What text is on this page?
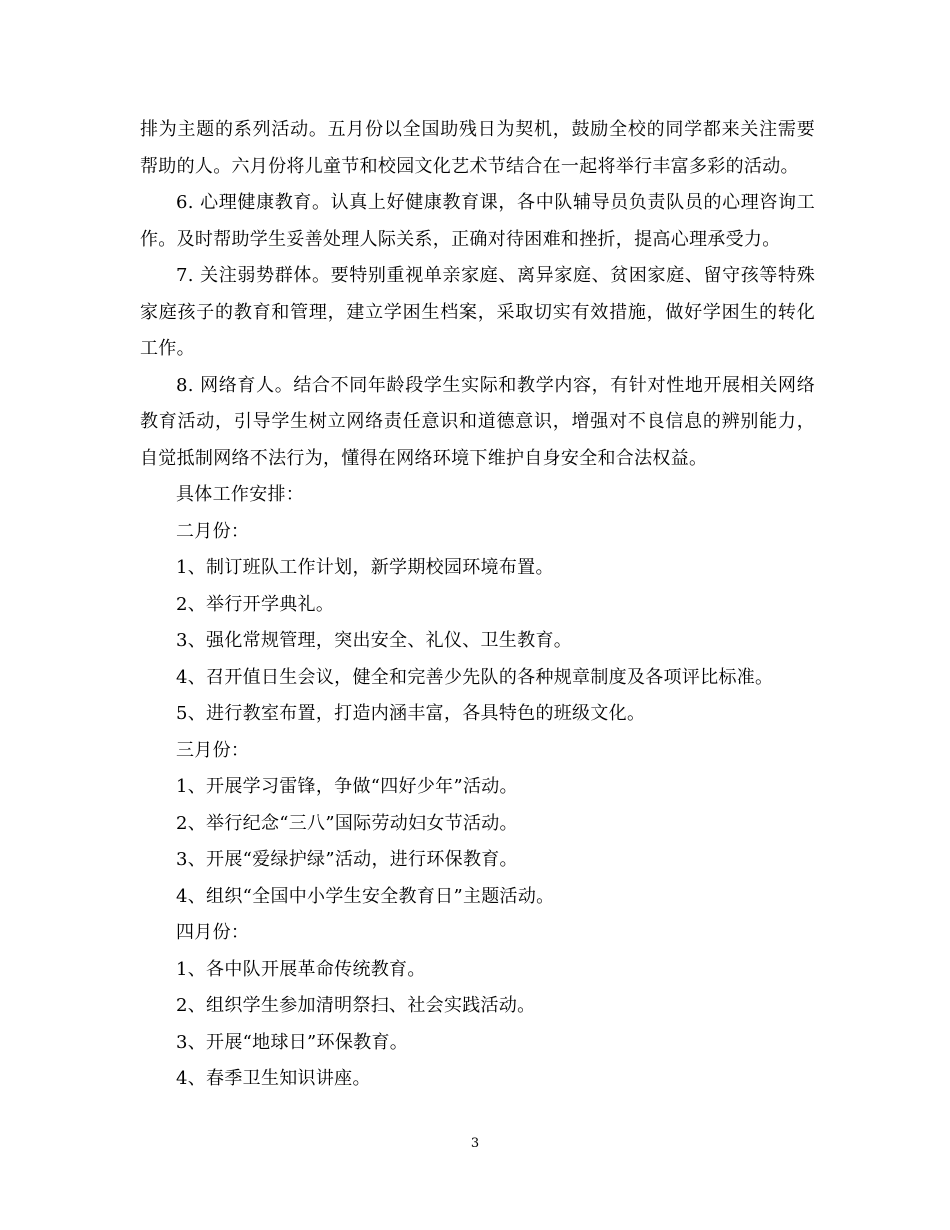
排为主题的系列活动。五月份以全国助残日为契机，鼓励全校的同学都来关注需要帮助的人。六月份将儿童节和校园文化艺术节结合在一起将举行丰富多彩的活动。

6. 心理健康教育。认真上好健康教育课，各中队辅导员负责队员的心理咨询工作。及时帮助学生妥善处理人际关系，正确对待困难和挫折，提高心理承受力。

7. 关注弱势群体。要特别重视单亲家庭、离异家庭、贫困家庭、留守孩等特殊家庭孩子的教育和管理，建立学困生档案，采取切实有效措施，做好学困生的转化工作。

8. 网络育人。结合不同年龄段学生实际和教学内容，有针对性地开展相关网络教育活动，引导学生树立网络责任意识和道德意识，增强对不良信息的辨别能力，自觉抵制网络不法行为，懂得在网络环境下维护自身安全和合法权益。

具体工作安排：

二月份：

1、制订班队工作计划，新学期校园环境布置。

2、举行开学典礼。

3、强化常规管理，突出安全、礼仪、卫生教育。

4、召开值日生会议，健全和完善少先队的各种规章制度及各项评比标准。

5、进行教室布置，打造内涵丰富，各具特色的班级文化。

三月份：

1、开展学习雷锋，争做“四好少年”活动。

2、举行纪念“三八”国际劳动妇女节活动。

3、开展“爱绿护绿”活动，进行环保教育。

4、组织“全国中小学生安全教育日”主题活动。

四月份：

1、各中队开展革命传统教育。

2、组织学生参加清明祭扫、社会实践活动。

3、开展“地球日”环保教育。

4、春季卫生知识讲座。

3
